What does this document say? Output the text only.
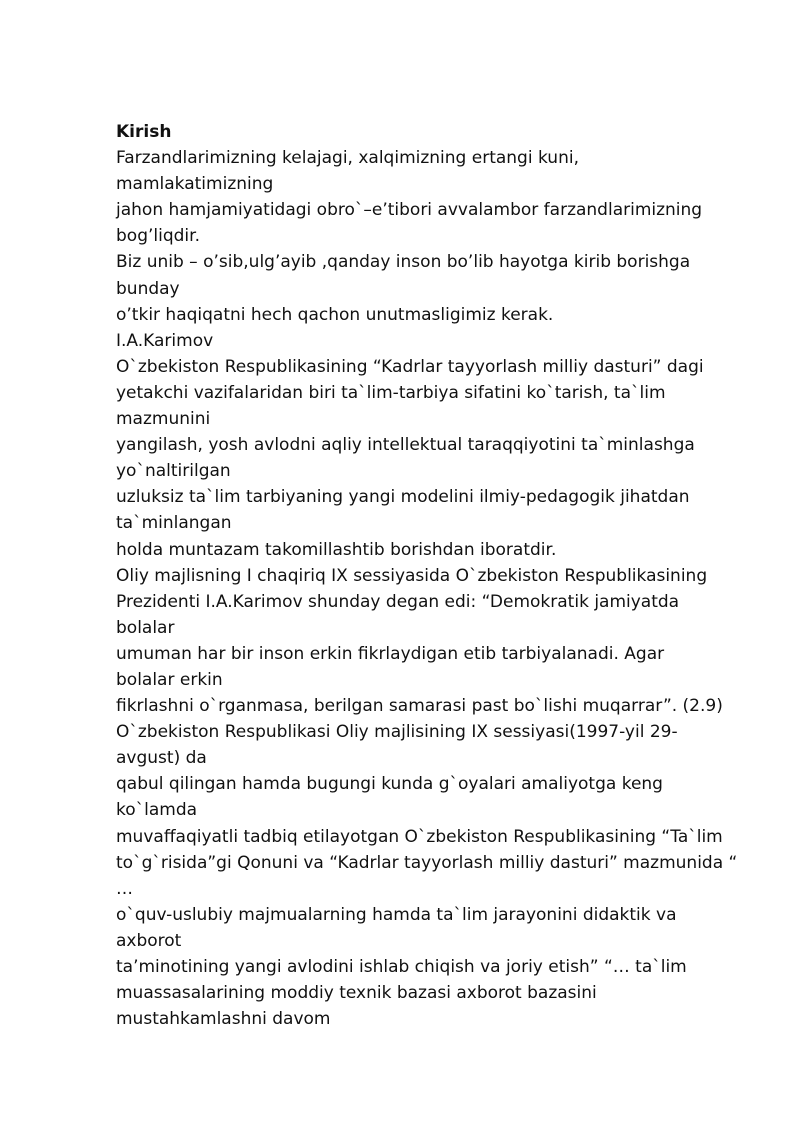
Kirish
Farzandlarimizning kelajagi, xalqimizning ertangi kuni,
mamlakatimizning
jahon hamjamiyatidagi obro`–e’tibori avvalambor farzandlarimizning
bog’liqdir.
Biz unib – o’sib,ulg’ayib ,qanday inson bo’lib hayotga kirib borishga
bunday
o’tkir haqiqatni hech qachon unutmasligimiz kerak.
I.A.Karimov
O`zbekiston Respublikasining “Kadrlar tayyorlash milliy dasturi” dagi
yetakchi vazifalaridan biri ta`lim-tarbiya sifatini ko`tarish, ta`lim
mazmunini
yangilash, yosh avlodni aqliy intellektual taraqqiyotini ta`minlashga
yo`naltirilgan
uzluksiz ta`lim tarbiyaning yangi modelini ilmiy-pedagogik jihatdan
ta`minlangan
holda muntazam takomillashtib borishdan iboratdir.
Oliy majlisning I chaqiriq IX sessiyasida O`zbekiston Respublikasining
Prezidenti I.A.Karimov shunday degan edi: “Demokratik jamiyatda
bolalar
umuman har bir inson erkin fikrlaydigan etib tarbiyalanadi. Agar
bolalar erkin
fikrlashni o`rganmasa, berilgan samarasi past bo`lishi muqarrar”. (2.9)
O`zbekiston Respublikasi Oliy majlisining IX sessiyasi(1997-yil 29-
avgust) da
qabul qilingan hamda bugungi kunda g`oyalari amaliyotga keng
ko`lamda
muvaffaqiyatli tadbiq etilayotgan O`zbekiston Respublikasining “Ta`lim
to`g`risida”gi Qonuni va “Kadrlar tayyorlash milliy dasturi” mazmunida “
…
o`quv-uslubiy majmualarning hamda ta`lim jarayonini didaktik va
axborot
ta’minotining yangi avlodini ishlab chiqish va joriy etish” “… ta`lim
muassasalarining moddiy texnik bazasi axborot bazasini
mustahkamlashni davom
